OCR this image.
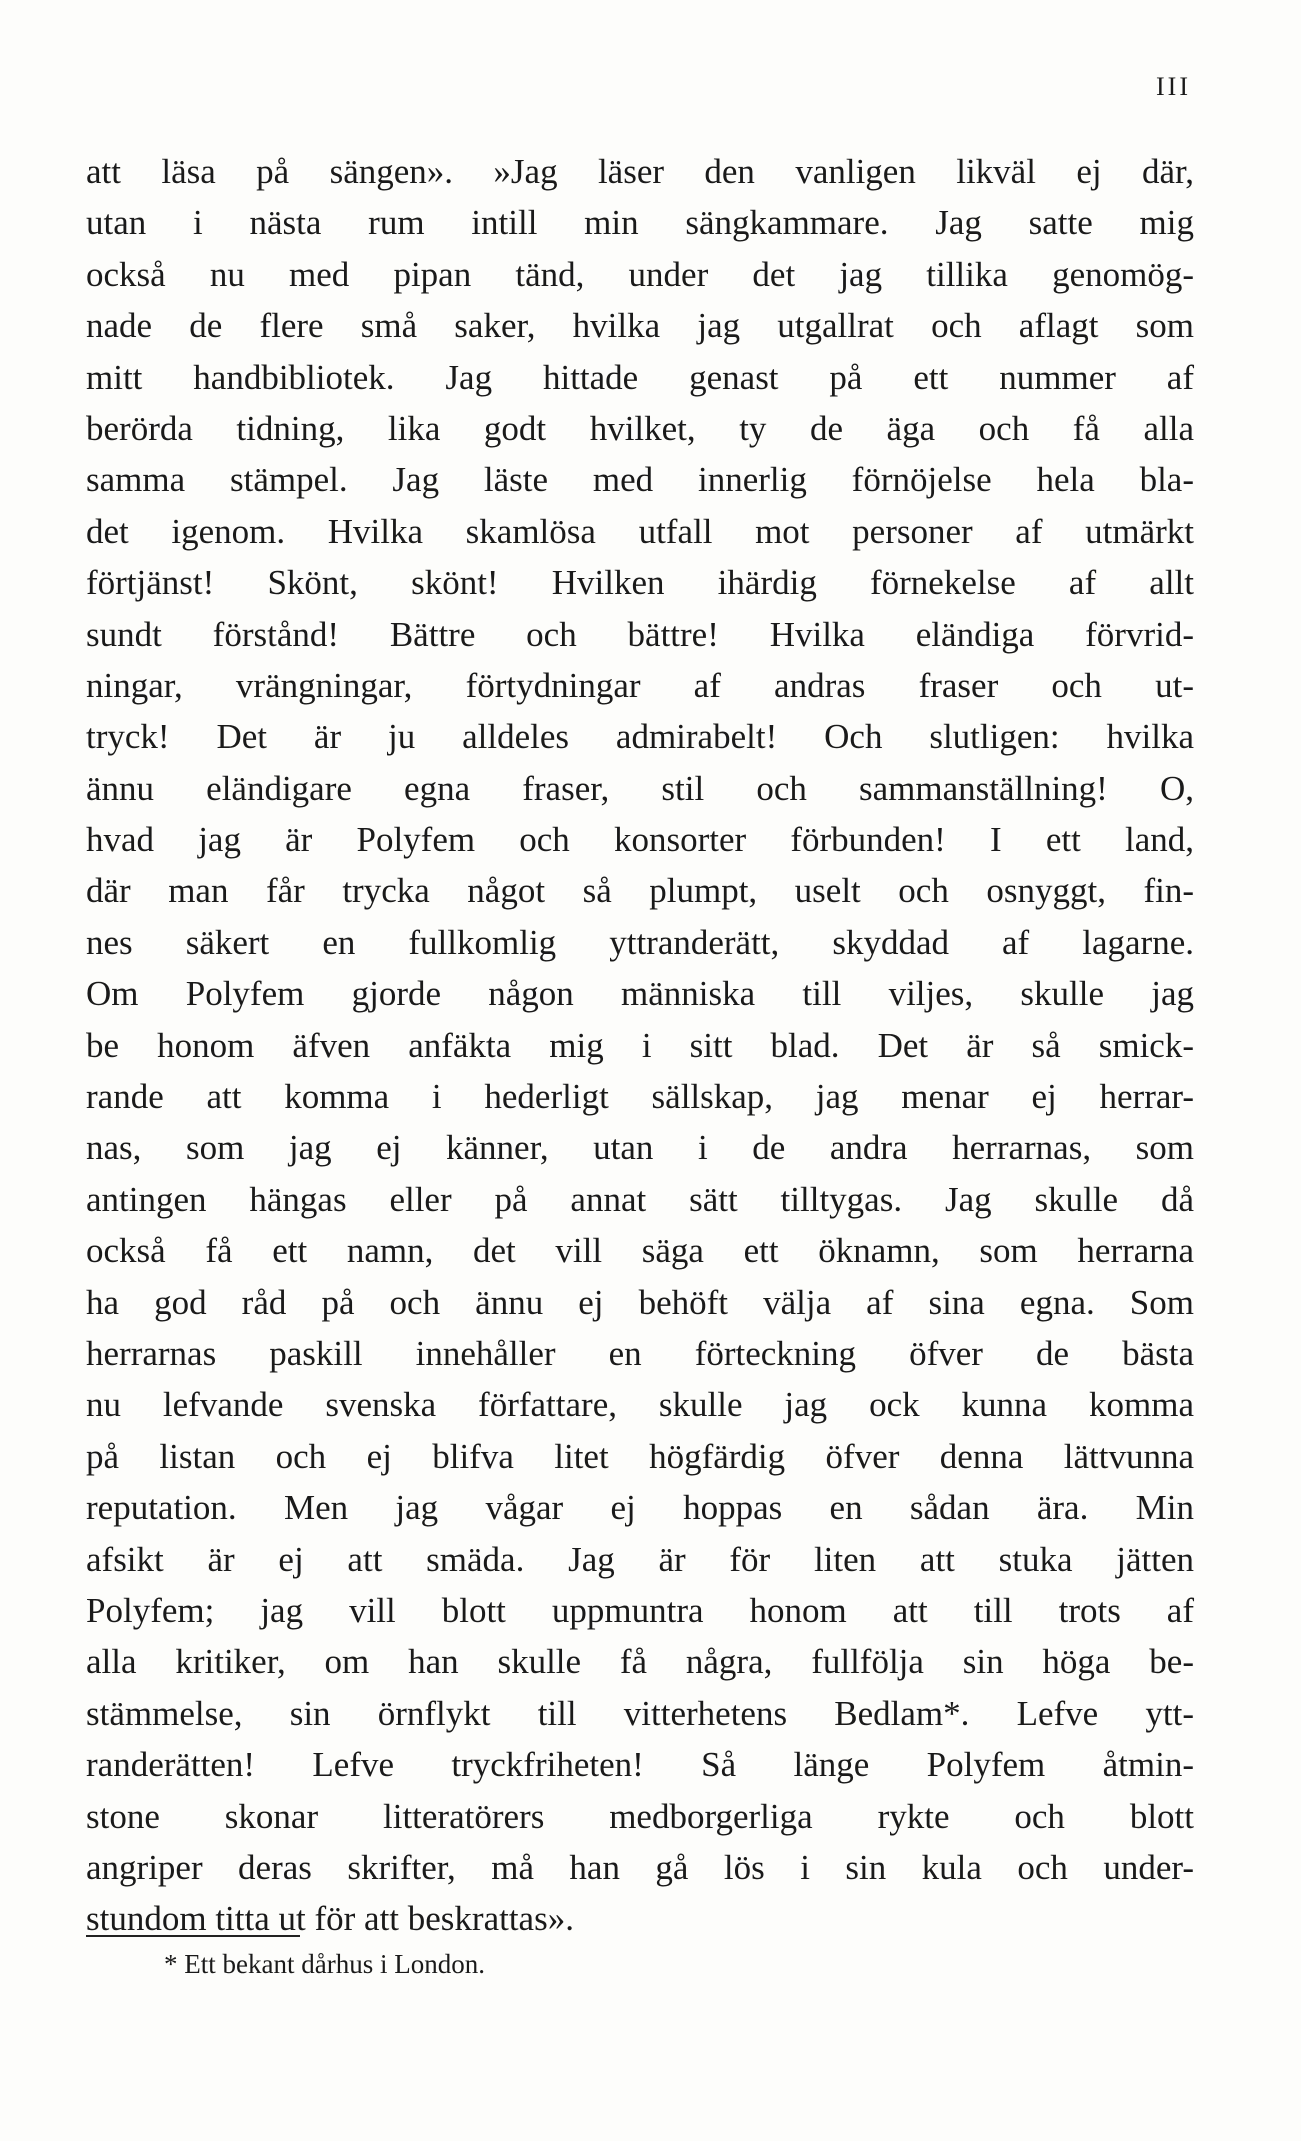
III
att läsa på sängen». »Jag läser den vanligen likväl ej där,
utan i nästa rum intill min sängkammare. Jag satte mig
också nu med pipan tänd, under det jag tillika genomög-
nade de flere små saker, hvilka jag utgallrat och aflagt som
mitt handbibliotek. Jag hittade genast på ett nummer af
berörda tidning, lika godt hvilket, ty de äga och få alla
samma stämpel. Jag läste med innerlig förnöjelse hela bla-
det igenom. Hvilka skamlösa utfall mot personer af utmärkt
förtjänst! Skönt, skönt! Hvilken ihärdig förnekelse af allt
sundt förstånd! Bättre och bättre! Hvilka eländiga förvrid-
ningar, vrängningar, förtydningar af andras fraser och ut-
tryck! Det är ju alldeles admirabelt! Och slutligen: hvilka
ännu eländigare egna fraser, stil och sammanställning! O,
hvad jag är Polyfem och konsorter förbunden! I ett land,
där man får trycka något så plumpt, uselt och osnyggt, fin-
nes säkert en fullkomlig yttranderätt, skyddad af lagarne.
Om Polyfem gjorde någon människa till viljes, skulle jag
be honom äfven anfäkta mig i sitt blad. Det är så smick-
rande att komma i hederligt sällskap, jag menar ej herrar-
nas, som jag ej känner, utan i de andra herrarnas, som
antingen hängas eller på annat sätt tilltygas. Jag skulle då
också få ett namn, det vill säga ett öknamn, som herrarna
ha god råd på och ännu ej behöft välja af sina egna. Som
herrarnas paskill innehåller en förteckning öfver de bästa
nu lefvande svenska författare, skulle jag ock kunna komma
på listan och ej blifva litet högfärdig öfver denna lättvunna
reputation. Men jag vågar ej hoppas en sådan ära. Min
afsikt är ej att smäda. Jag är för liten att stuka jätten
Polyfem; jag vill blott uppmuntra honom att till trots af
alla kritiker, om han skulle få några, fullfölja sin höga be-
stämmelse, sin örnflykt till vitterhetens Bedlam*. Lefve ytt-
randerätten! Lefve tryckfriheten! Så länge Polyfem åtmin-
stone skonar litteratörers medborgerliga rykte och blott
angriper deras skrifter, må han gå lös i sin kula och under-
stundom titta ut för att beskrattas».
* Ett bekant dårhus i London.
